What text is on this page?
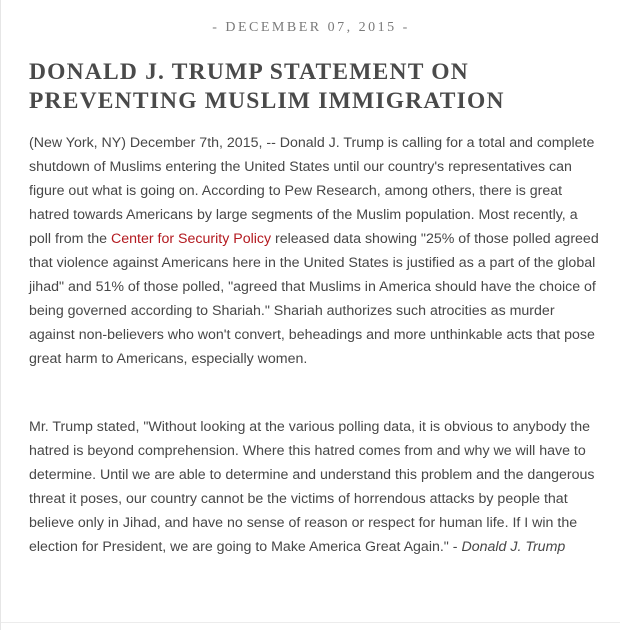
- DECEMBER 07, 2015 -
DONALD J. TRUMP STATEMENT ON PREVENTING MUSLIM IMMIGRATION

(New York, NY) December 7th, 2015, -- Donald J. Trump is calling for a total and complete shutdown of Muslims entering the United States until our country's representatives can figure out what is going on. According to Pew Research, among others, there is great hatred towards Americans by large segments of the Muslim population. Most recently, a poll from the Center for Security Policy released data showing "25% of those polled agreed that violence against Americans here in the United States is justified as a part of the global jihad" and 51% of those polled, "agreed that Muslims in America should have the choice of being governed according to Shariah." Shariah authorizes such atrocities as murder against non-believers who won't convert, beheadings and more unthinkable acts that pose great harm to Americans, especially women.

Mr. Trump stated, "Without looking at the various polling data, it is obvious to anybody the hatred is beyond comprehension. Where this hatred comes from and why we will have to determine. Until we are able to determine and understand this problem and the dangerous threat it poses, our country cannot be the victims of horrendous attacks by people that believe only in Jihad, and have no sense of reason or respect for human life. If I win the election for President, we are going to Make America Great Again." - Donald J. Trump
